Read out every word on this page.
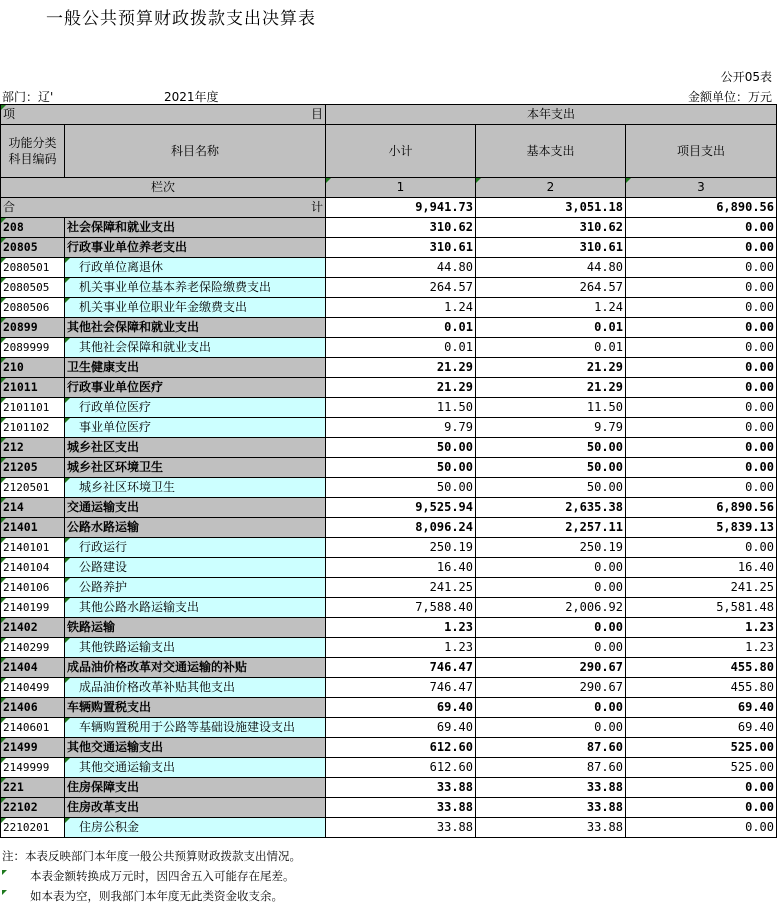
一般公共预算财政拨款支出决算表
公开05表
部门：辽'	2021年度	金额单位：万元
项 目		本年支出		
功能分类科目编码	科目名称	小计	基本支出	项目支出
栏次		1	2	3
合 计		9,941.73	3,051.18	6,890.56
208	社会保障和就业支出	310.62	310.62	0.00
20805	行政事业单位养老支出	310.61	310.61	0.00
2080501	行政单位离退休	44.80	44.80	0.00
2080505	机关事业单位基本养老保险缴费支出	264.57	264.57	0.00
2080506	机关事业单位职业年金缴费支出	1.24	1.24	0.00
20899	其他社会保障和就业支出	0.01	0.01	0.00
2089999	其他社会保障和就业支出	0.01	0.01	0.00
210	卫生健康支出	21.29	21.29	0.00
21011	行政事业单位医疗	21.29	21.29	0.00
2101101	行政单位医疗	11.50	11.50	0.00
2101102	事业单位医疗	9.79	9.79	0.00
212	城乡社区支出	50.00	50.00	0.00
21205	城乡社区环境卫生	50.00	50.00	0.00
2120501	城乡社区环境卫生	50.00	50.00	0.00
214	交通运输支出	9,525.94	2,635.38	6,890.56
21401	公路水路运输	8,096.24	2,257.11	5,839.13
2140101	行政运行	250.19	250.19	0.00
2140104	公路建设	16.40	0.00	16.40
2140106	公路养护	241.25	0.00	241.25
2140199	其他公路水路运输支出	7,588.40	2,006.92	5,581.48
21402	铁路运输	1.23	0.00	1.23
2140299	其他铁路运输支出	1.23	0.00	1.23
21404	成品油价格改革对交通运输的补贴	746.47	290.67	455.80
2140499	成品油价格改革补贴其他支出	746.47	290.67	455.80
21406	车辆购置税支出	69.40	0.00	69.40
2140601	车辆购置税用于公路等基础设施建设支出	69.40	0.00	69.40
21499	其他交通运输支出	612.60	87.60	525.00
2149999	其他交通运输支出	612.60	87.60	525.00
221	住房保障支出	33.88	33.88	0.00
22102	住房改革支出	33.88	33.88	0.00
2210201	住房公积金	33.88	33.88	0.00
注：本表反映部门本年度一般公共预算财政拨款支出情况。
本表金额转换成万元时，因四舍五入可能存在尾差。
如本表为空，则我部门本年度无此类资金收支余。
